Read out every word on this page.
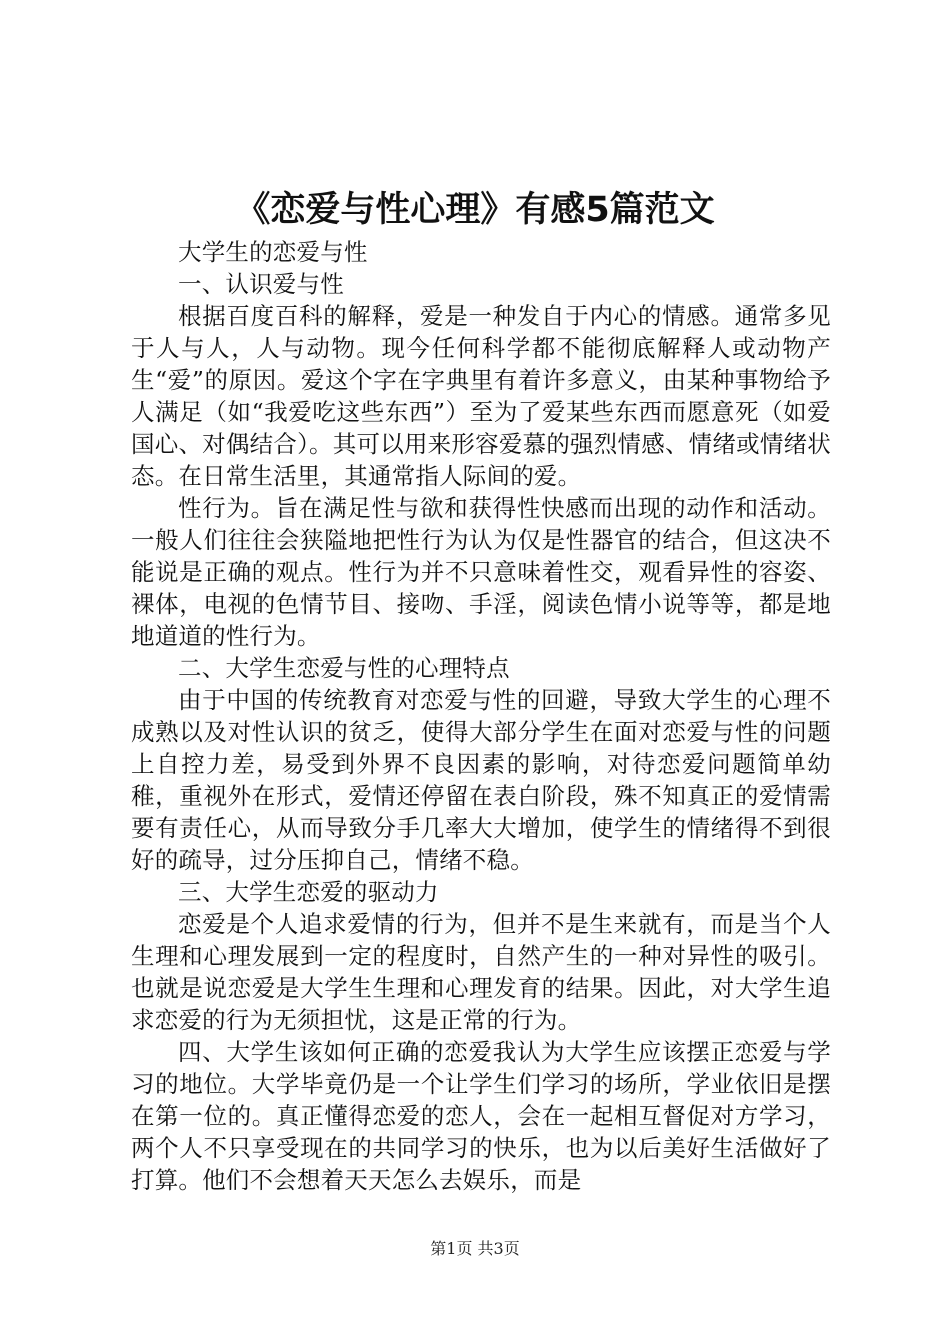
《恋爱与性心理》有感5篇范文

大学生的恋爱与性

一、认识爱与性

根据百度百科的解释，爱是一种发自于内心的情感。通常多见于人与人，人与动物。现今任何科学都不能彻底解释人或动物产生“爱”的原因。爱这个字在字典里有着许多意义，由某种事物给予人满足（如“我爱吃这些东西”）至为了爱某些东西而愿意死（如爱国心、对偶结合）。其可以用来形容爱慕的强烈情感、情绪或情绪状态。在日常生活里，其通常指人际间的爱。

性行为。旨在满足性与欲和获得性快感而出现的动作和活动。一般人们往往会狭隘地把性行为认为仅是性器官的结合，但这决不能说是正确的观点。性行为并不只意味着性交，观看异性的容姿、裸体，电视的色情节目、接吻、手淫，阅读色情小说等等，都是地地道道的性行为。

二、大学生恋爱与性的心理特点

由于中国的传统教育对恋爱与性的回避，导致大学生的心理不成熟以及对性认识的贫乏，使得大部分学生在面对恋爱与性的问题上自控力差，易受到外界不良因素的影响，对待恋爱问题简单幼稚，重视外在形式，爱情还停留在表白阶段，殊不知真正的爱情需要有责任心，从而导致分手几率大大增加，使学生的情绪得不到很好的疏导，过分压抑自己，情绪不稳。

三、大学生恋爱的驱动力

恋爱是个人追求爱情的行为，但并不是生来就有，而是当个人生理和心理发展到一定的程度时，自然产生的一种对异性的吸引。也就是说恋爱是大学生生理和心理发育的结果。因此，对大学生追求恋爱的行为无须担忧，这是正常的行为。

四、大学生该如何正确的恋爱我认为大学生应该摆正恋爱与学习的地位。大学毕竟仍是一个让学生们学习的场所，学业依旧是摆在第一位的。真正懂得恋爱的恋人，会在一起相互督促对方学习，两个人不只享受现在的共同学习的快乐，也为以后美好生活做好了打算。他们不会想着天天怎么去娱乐，而是

第1页 共3页
